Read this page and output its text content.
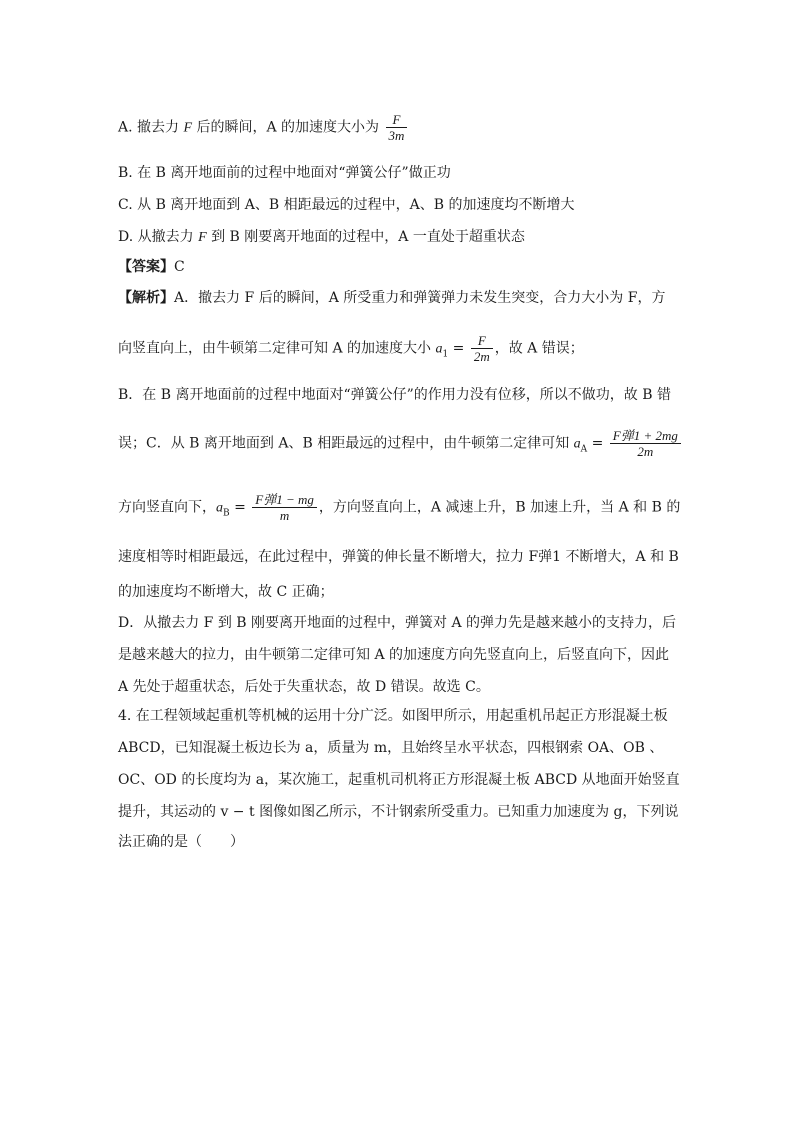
A. 撤去力 F 后的瞬间，A 的加速度大小为 $\frac{F}{3m}$
B. 在 B 离开地面前的过程中地面对“弹簧公仔”做正功
C. 从 B 离开地面到 A、B 相距最远的过程中，A、B 的加速度均不断增大
D. 从撤去力 F 到 B 刚要离开地面的过程中，A 一直处于超重状态
【答案】C
【解析】A．撤去力 F 后的瞬间，A 所受重力和弹簧弹力未发生突变，合力大小为 F，方
向竖直向上，由牛顿第二定律可知 A 的加速度大小 $a_1 = \frac{F}{2m}$ ，故 A 错误；
B．在 B 离开地面前的过程中地面对“弹簧公仔”的作用力没有位移，所以不做功，故 B 错
误；C．从 B 离开地面到 A、B 相距最远的过程中，由牛顿第二定律可知 $a_A = \frac{\text{F弹1 + 2mg}}{2m}$
方向竖直向下，$a_B = \frac{\text{F弹1 − mg}}{m}$ ，方向竖直向上，A 减速上升，B 加速上升，当 A 和 B 的
速度相等时相距最远，在此过程中，弹簧的伸长量不断增大，拉力 F弹1 不断增大，A 和 B
的加速度均不断增大，故 C 正确；
D．从撤去力 F 到 B 刚要离开地面的过程中，弹簧对 A 的弹力先是越来越小的支持力，后
是越来越大的拉力，由牛顿第二定律可知 A 的加速度方向先竖直向上，后竖直向下，因此
A 先处于超重状态，后处于失重状态，故 D 错误。故选 C。
4. 在工程领域起重机等机械的运用十分广泛。如图甲所示，用起重机吊起正方形混凝土板
ABCD，已知混凝土板边长为 a，质量为 m，且始终呈水平状态，四根钢索 OA、OB 、
OC、OD 的长度均为 a，某次施工，起重机司机将正方形混凝土板 ABCD 从地面开始竖直
提升，其运动的 v − t 图像如图乙所示，不计钢索所受重力。已知重力加速度为 g，下列说
法正确的是（　　）
